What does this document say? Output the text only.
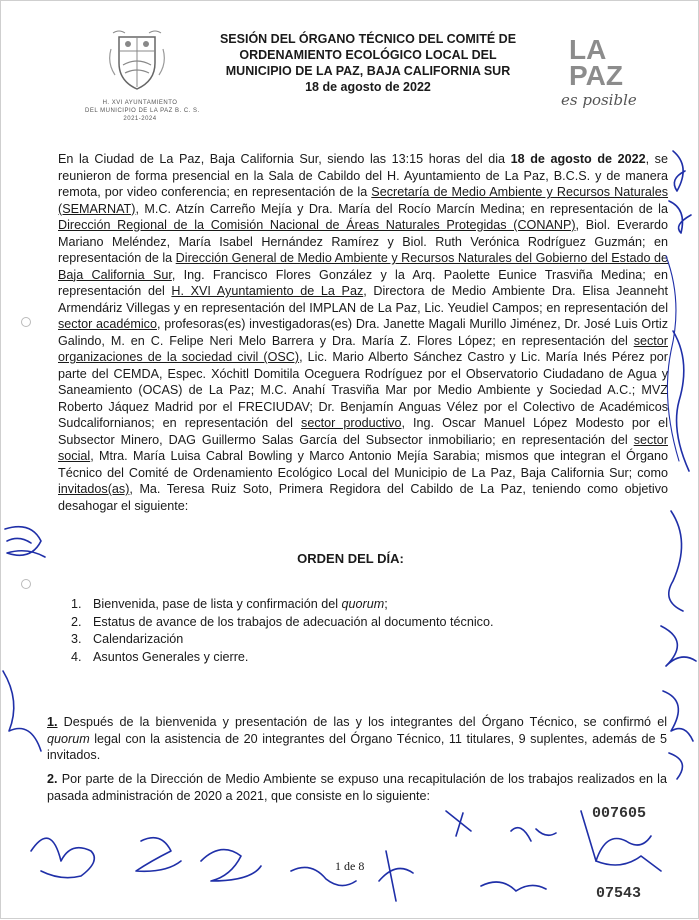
H. XVI AYUNTAMIENTO
DEL MUNICIPIO DE LA PAZ B. C. S.
2021-2024
SESIÓN DEL ÓRGANO TÉCNICO DEL COMITÉ DE
ORDENAMIENTO ECOLÓGICO LOCAL DEL
MUNICIPIO DE LA PAZ, BAJA CALIFORNIA SUR
18 de agosto de 2022
LA
PAZ
es posible

En la Ciudad de La Paz, Baja California Sur, siendo las 13:15 horas del dia 18 de agosto de 2022, se reunieron de forma presencial en la Sala de Cabildo del H. Ayuntamiento de La Paz, B.C.S. y de manera remota, por video conferencia; en representación de la Secretaría de Medio Ambiente y Recursos Naturales (SEMARNAT), M.C. Atzín Carreño Mejía y Dra. María del Rocío Marcín Medina; en representación de la Dirección Regional de la Comisión Nacional de Áreas Naturales Protegidas (CONANP), Biol. Everardo Mariano Meléndez, María Isabel Hernández Ramírez y Biol. Ruth Verónica Rodríguez Guzmán; en representación de la Dirección General de Medio Ambiente y Recursos Naturales del Gobierno del Estado de Baja California Sur, Ing. Francisco Flores González y la Arq. Paolette Eunice Trasviña Medina; en representación del H. XVI Ayuntamiento de La Paz, Directora de Medio Ambiente Dra. Elisa Jeanneht Armendáriz Villegas y en representación del IMPLAN de La Paz, Lic. Yeudiel Campos; en representación del sector académico, profesoras(es) investigadoras(es) Dra. Janette Magali Murillo Jiménez, Dr. José Luis Ortiz Galindo, M. en C. Felipe Neri Melo Barrera y Dra. María Z. Flores López; en representación del sector organizaciones de la sociedad civil (OSC), Lic. Mario Alberto Sánchez Castro y Lic. María Inés Pérez por parte del CEMDA, Espec. Xóchitl Domitila Oceguera Rodríguez por el Observatorio Ciudadano de Agua y Saneamiento (OCAS) de La Paz; M.C. Anahí Trasviña Mar por Medio Ambiente y Sociedad A.C.; MVZ Roberto Jáquez Madrid por el FRECIUDAV; Dr. Benjamín Anguas Vélez por el Colectivo de Académicos Sudcalifornianos; en representación del sector productivo, Ing. Oscar Manuel López Modesto por el Subsector Minero, DAG Guillermo Salas García del Subsector inmobiliario; en representación del sector social, Mtra. María Luisa Cabral Bowling y Marco Antonio Mejía Sarabia; mismos que integran el Órgano Técnico del Comité de Ordenamiento Ecológico Local del Municipio de La Paz, Baja California Sur; como invitados(as), Ma. Teresa Ruiz Soto, Primera Regidora del Cabildo de La Paz, teniendo como objetivo desahogar el siguiente:

ORDEN DEL DÍA:
1. Bienvenida, pase de lista y confirmación del quorum;
2. Estatus de avance de los trabajos de adecuación al documento técnico.
3. Calendarización
4. Asuntos Generales y cierre.
1. Después de la bienvenida y presentación de las y los integrantes del Órgano Técnico, se confirmó el quorum legal con la asistencia de 20 integrantes del Órgano Técnico, 11 titulares, 9 suplentes, además de 5 invitados.
2. Por parte de la Dirección de Medio Ambiente se expuso una recapitulación de los trabajos realizados en la pasada administración de 2020 a 2021, que consiste en lo siguiente:
1 de 8
007605
07543
